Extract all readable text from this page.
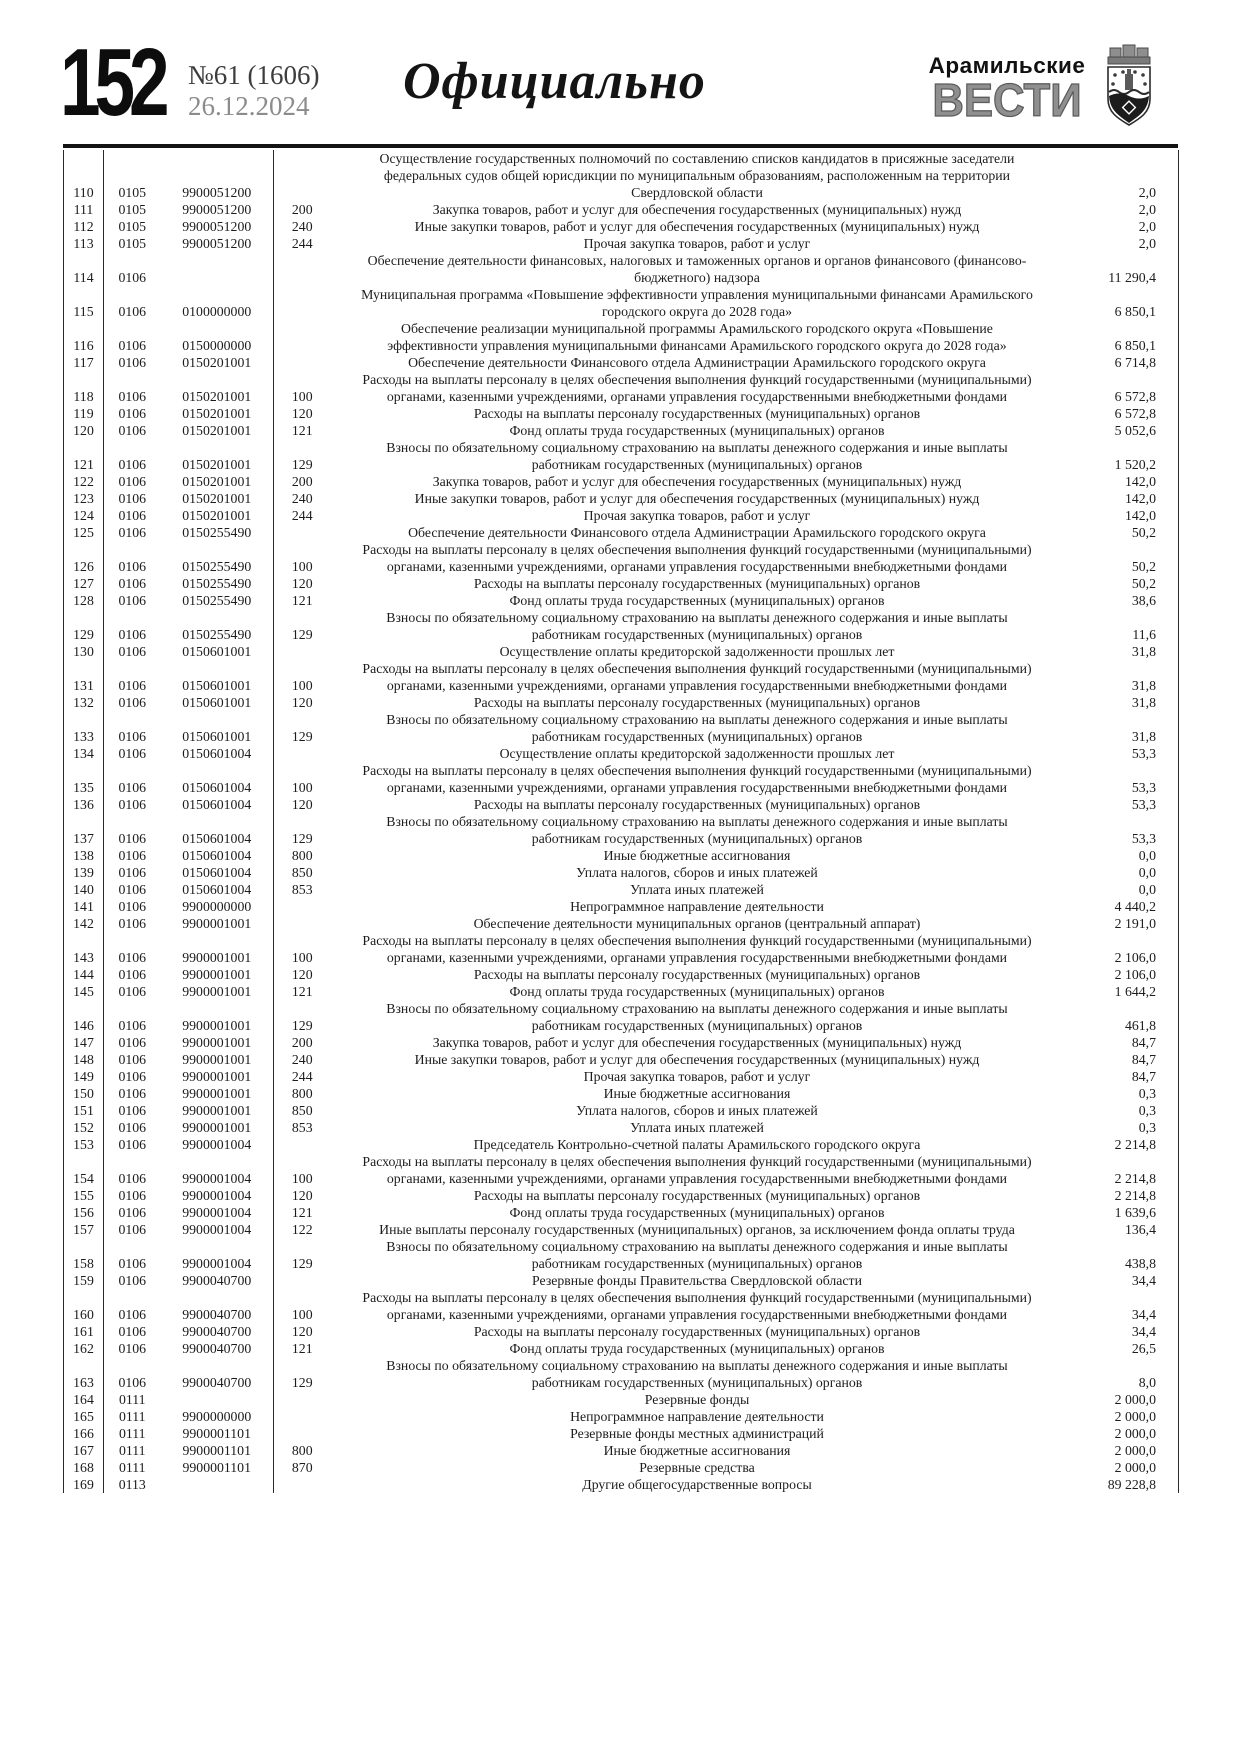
152 №61 (1606)
26.12.2024 Официально	Арамильские
ВЕСТИ
110	0105	9900051200		Осуществление государственных полномочий по составлению списков кандидатов в присяжные заседатели федеральных судов общей юрисдикции по муниципальным образованиям, расположенным на территории Свердловской области	2,0
111	0105	9900051200	200	Закупка товаров, работ и услуг для обеспечения государственных (муниципальных) нужд	2,0
112	0105	9900051200	240	Иные закупки товаров, работ и услуг для обеспечения государственных (муниципальных) нужд	2,0
113	0105	9900051200	244	Прочая закупка товаров, работ и услуг	2,0
114	0106			Обеспечение деятельности финансовых, налоговых и таможенных органов и органов финансового (финансово-бюджетного) надзора	11 290,4
115	0106	0100000000		Муниципальная программа «Повышение эффективности управления муниципальными финансами Арамильского городского округа до 2028 года»	6 850,1
116	0106	0150000000		Обеспечение реализации муниципальной программы Арамильского городского округа «Повышение эффективности управления муниципальными финансами Арамильского городского округа до 2028 года»	6 850,1
117	0106	0150201001		Обеспечение деятельности Финансового отдела Администрации Арамильского городского округа	6 714,8
118	0106	0150201001	100	Расходы на выплаты персоналу в целях обеспечения выполнения функций государственными (муниципальными) органами, казенными учреждениями, органами управления государственными внебюджетными фондами	6 572,8
119	0106	0150201001	120	Расходы на выплаты персоналу государственных (муниципальных) органов	6 572,8
120	0106	0150201001	121	Фонд оплаты труда государственных (муниципальных) органов	5 052,6
121	0106	0150201001	129	Взносы по обязательному социальному страхованию на выплаты денежного содержания и иные выплаты работникам государственных (муниципальных) органов	1 520,2
122	0106	0150201001	200	Закупка товаров, работ и услуг для обеспечения государственных (муниципальных) нужд	142,0
123	0106	0150201001	240	Иные закупки товаров, работ и услуг для обеспечения государственных (муниципальных) нужд	142,0
124	0106	0150201001	244	Прочая закупка товаров, работ и услуг	142,0
125	0106	0150255490		Обеспечение деятельности Финансового отдела Администрации Арамильского городского округа	50,2
126	0106	0150255490	100	Расходы на выплаты персоналу в целях обеспечения выполнения функций государственными (муниципальными) органами, казенными учреждениями, органами управления государственными внебюджетными фондами	50,2
127	0106	0150255490	120	Расходы на выплаты персоналу государственных (муниципальных) органов	50,2
128	0106	0150255490	121	Фонд оплаты труда государственных (муниципальных) органов	38,6
129	0106	0150255490	129	Взносы по обязательному социальному страхованию на выплаты денежного содержания и иные выплаты работникам государственных (муниципальных) органов	11,6
130	0106	0150601001		Осуществление оплаты кредиторской задолженности прошлых лет	31,8
131	0106	0150601001	100	Расходы на выплаты персоналу в целях обеспечения выполнения функций государственными (муниципальными) органами, казенными учреждениями, органами управления государственными внебюджетными фондами	31,8
132	0106	0150601001	120	Расходы на выплаты персоналу государственных (муниципальных) органов	31,8
133	0106	0150601001	129	Взносы по обязательному социальному страхованию на выплаты денежного содержания и иные выплаты работникам государственных (муниципальных) органов	31,8
134	0106	0150601004		Осуществление оплаты кредиторской задолженности прошлых лет	53,3
135	0106	0150601004	100	Расходы на выплаты персоналу в целях обеспечения выполнения функций государственными (муниципальными) органами, казенными учреждениями, органами управления государственными внебюджетными фондами	53,3
136	0106	0150601004	120	Расходы на выплаты персоналу государственных (муниципальных) органов	53,3
137	0106	0150601004	129	Взносы по обязательному социальному страхованию на выплаты денежного содержания и иные выплаты работникам государственных (муниципальных) органов	53,3
138	0106	0150601004	800	Иные бюджетные ассигнования	0,0
139	0106	0150601004	850	Уплата налогов, сборов и иных платежей	0,0
140	0106	0150601004	853	Уплата иных платежей	0,0
141	0106	9900000000		Непрограммное направление деятельности	4 440,2
142	0106	9900001001		Обеспечение деятельности муниципальных органов (центральный аппарат)	2 191,0
143	0106	9900001001	100	Расходы на выплаты персоналу в целях обеспечения выполнения функций государственными (муниципальными) органами, казенными учреждениями, органами управления государственными внебюджетными фондами	2 106,0
144	0106	9900001001	120	Расходы на выплаты персоналу государственных (муниципальных) органов	2 106,0
145	0106	9900001001	121	Фонд оплаты труда государственных (муниципальных) органов	1 644,2
146	0106	9900001001	129	Взносы по обязательному социальному страхованию на выплаты денежного содержания и иные выплаты работникам государственных (муниципальных) органов	461,8
147	0106	9900001001	200	Закупка товаров, работ и услуг для обеспечения государственных (муниципальных) нужд	84,7
148	0106	9900001001	240	Иные закупки товаров, работ и услуг для обеспечения государственных (муниципальных) нужд	84,7
149	0106	9900001001	244	Прочая закупка товаров, работ и услуг	84,7
150	0106	9900001001	800	Иные бюджетные ассигнования	0,3
151	0106	9900001001	850	Уплата налогов, сборов и иных платежей	0,3
152	0106	9900001001	853	Уплата иных платежей	0,3
153	0106	9900001004		Председатель Контрольно-счетной палаты Арамильского городского округа	2 214,8
154	0106	9900001004	100	Расходы на выплаты персоналу в целях обеспечения выполнения функций государственными (муниципальными) органами, казенными учреждениями, органами управления государственными внебюджетными фондами	2 214,8
155	0106	9900001004	120	Расходы на выплаты персоналу государственных (муниципальных) органов	2 214,8
156	0106	9900001004	121	Фонд оплаты труда государственных (муниципальных) органов	1 639,6
157	0106	9900001004	122	Иные выплаты персоналу государственных (муниципальных) органов, за исключением фонда оплаты труда	136,4
158	0106	9900001004	129	Взносы по обязательному социальному страхованию на выплаты денежного содержания и иные выплаты работникам государственных (муниципальных) органов	438,8
159	0106	9900040700		Резервные фонды Правительства Свердловской области	34,4
160	0106	9900040700	100	Расходы на выплаты персоналу в целях обеспечения выполнения функций государственными (муниципальными) органами, казенными учреждениями, органами управления государственными внебюджетными фондами	34,4
161	0106	9900040700	120	Расходы на выплаты персоналу государственных (муниципальных) органов	34,4
162	0106	9900040700	121	Фонд оплаты труда государственных (муниципальных) органов	26,5
163	0106	9900040700	129	Взносы по обязательному социальному страхованию на выплаты денежного содержания и иные выплаты работникам государственных (муниципальных) органов	8,0
164	0111			Резервные фонды	2 000,0
165	0111	9900000000		Непрограммное направление деятельности	2 000,0
166	0111	9900001101		Резервные фонды местных администраций	2 000,0
167	0111	9900001101	800	Иные бюджетные ассигнования	2 000,0
168	0111	9900001101	870	Резервные средства	2 000,0
169	0113			Другие общегосударственные вопросы	89 228,8
